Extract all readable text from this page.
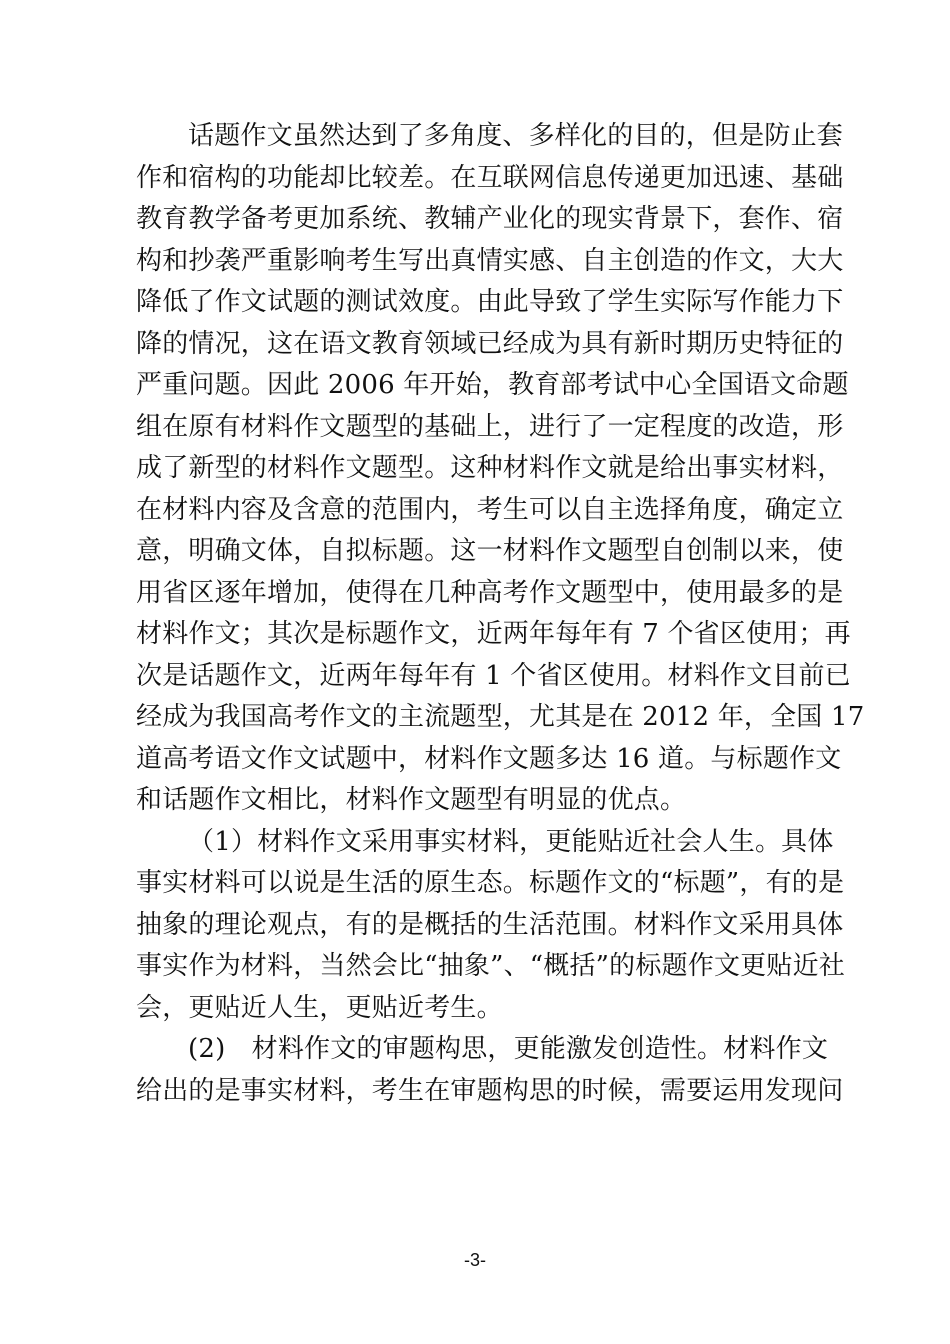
话题作文虽然达到了多角度、多样化的目的，但是防止套
作和宿构的功能却比较差。在互联网信息传递更加迅速、基础
教育教学备考更加系统、教辅产业化的现实背景下，套作、宿
构和抄袭严重影响考生写出真情实感、自主创造的作文，大大
降低了作文试题的测试效度。由此导致了学生实际写作能力下
降的情况，这在语文教育领域已经成为具有新时期历史特征的
严重问题。因此 2006 年开始，教育部考试中心全国语文命题
组在原有材料作文题型的基础上，进行了一定程度的改造，形
成了新型的材料作文题型。这种材料作文就是给出事实材料，
在材料内容及含意的范围内，考生可以自主选择角度，确定立
意，明确文体，自拟标题。这一材料作文题型自创制以来，使
用省区逐年增加，使得在几种高考作文题型中，使用最多的是
材料作文；其次是标题作文，近两年每年有 7 个省区使用；再
次是话题作文，近两年每年有 1 个省区使用。材料作文目前已
经成为我国高考作文的主流题型，尤其是在 2012 年，全国 17
道高考语文作文试题中，材料作文题多达 16 道。与标题作文
和话题作文相比，材料作文题型有明显的优点。
（1）材料作文采用事实材料，更能贴近社会人生。具体
事实材料可以说是生活的原生态。标题作文的“标题”，有的是
抽象的理论观点，有的是概括的生活范围。材料作文采用具体
事实作为材料，当然会比“抽象”、“概括”的标题作文更贴近社
会，更贴近人生，更贴近考生。
(2)　材料作文的审题构思，更能激发创造性。材料作文
给出的是事实材料，考生在审题构思的时候，需要运用发现问
-3-
